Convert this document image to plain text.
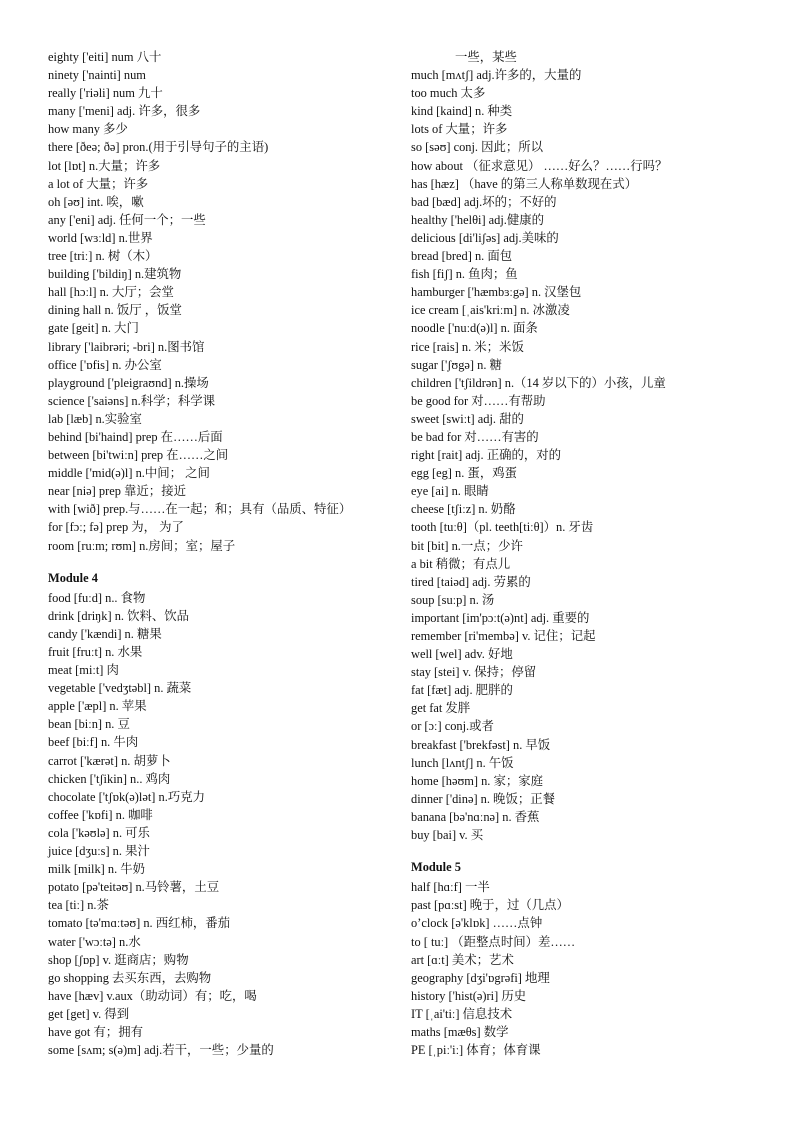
eighty ['eiti] num 八十
ninety ['nainti] num
really ['riəli] num 九十
many ['meni] adj. 许多，很多
how many 多少
there [ðeə; ðə] pron.(用于引导句子的主语)
lot [lɒt] n.大量；许多
a lot of 大量；许多
oh [əʊ] int. 唉，嗽
any ['eni] adj. 任何一个；一些
world [wɜːld] n.世界
tree [triː] n. 树（木）
building ['bildiŋ] n.建筑物
hall [hɔːl] n. 大厅；会堂
dining hall n. 饭厅 ，饭堂
gate [geit] n. 大门
library ['laibrəri; -bri] n.图书馆
office ['ɒfis] n. 办公室
playground ['pleigraʊnd] n.操场
science ['saiəns] n.科学；科学课
lab [læb] n.实验室
behind [bi'haind] prep 在……后面
between [bi'twiːn] prep 在……之间
middle ['mid(ə)l] n.中间； 之间
near [niə] prep 靠近；接近
with [wið] prep.与……在一起；和；具有（品质、特征）
for [fɔː; fə] prep 为， 为了
room [ruːm; rʊm] n.房间；室；屋子
Module 4
food [fuːd] n.. 食物
drink [driŋk] n. 饮料、饮品
candy ['kændi] n. 糖果
fruit [fruːt] n. 水果
meat [miːt] 肉
vegetable ['vedʒtəbl] n. 蔬菜
apple ['æpl] n. 苹果
bean [biːn] n. 豆
beef [biːf] n. 牛肉
carrot ['kærət] n. 胡萝卜
chicken ['tʃikin] n.. 鸡肉
chocolate ['tʃɒk(ə)lət] n.巧克力
coffee ['kɒfi] n. 咖啡
cola ['kəʊlə] n. 可乐
juice [dʒuːs] n. 果汁
milk [milk] n. 牛奶
potato [pə'teitəʊ] n.马铃薯，土豆
tea [tiː] n.茶
tomato [tə'mɑːtəʊ] n. 西红柿，番茄
water ['wɔːtə] n.水
shop [ʃɒp] v. 逛商店；购物
go shopping 去买东西，去购物
have [hæv] v.aux（助动词）有；吃，喝
get [get] v. 得到
have got 有；拥有
some [sʌm; s(ə)m] adj.若干，一些；少量的
一些，某些
much [mʌtʃ] adj.许多的，大量的
too much 太多
kind [kaind] n. 种类
lots of 大量；许多
so [səʊ] conj. 因此；所以
how about （征求意见） ……好么？……行吗？
has [hæz] （have 的第三人称单数现在式）
bad [bæd] adj.坏的；不好的
healthy ['helθi] adj.健康的
delicious [di'liʃəs] adj.美味的
bread [bred] n. 面包
fish [fiʃ] n. 鱼肉；鱼
hamburger ['hæmbɜːgə] n. 汉堡包
ice cream [ˌais'kriːm] n. 冰激凌
noodle ['nuːd(ə)l] n. 面条
rice [rais] n. 米；米饭
sugar ['ʃʊgə] n. 糖
children ['tʃildrən] n.（14 岁以下的）小孩，儿童
be good for 对……有帮助
sweet [swiːt] adj. 甜的
be bad for 对……有害的
right [rait] adj. 正确的，对的
egg [eg] n. 蛋，鸡蛋
eye [ai] n. 眼睛
cheese [tʃiːz] n. 奶酪
tooth [tuːθ]（pl. teeth[tiːθ]）n. 牙齿
bit [bit] n.一点；少许
a bit 稍微；有点儿
tired [taiəd] adj. 劳累的
soup [suːp] n. 汤
important [im'pɔːt(ə)nt] adj. 重要的
remember [ri'membə] v. 记住；记起
well [wel] adv. 好地
stay [stei] v. 保持；停留
fat [fæt] adj. 肥胖的
get fat 发胖
or [ɔː] conj.或者
breakfast ['brekfəst] n. 早饭
lunch [lʌntʃ] n. 午饭
home [həʊm] n. 家；家庭
dinner ['dinə] n. 晚饭；正餐
banana [bə'nɑːnə] n. 香蕉
buy [bai] v. 买
Module 5
half [hɑːf] 一半
past [pɑːst] 晚于，过（几点）
o’clock [ə'klɒk] ……点钟
to [ tuː] （距整点时间）差……
art [ɑːt] 美术；艺术
geography [dʒi'ɒgrəfi] 地理
history ['hist(ə)ri] 历史
IT [ˌai'tiː] 信息技术
maths [mæθs] 数学
PE [ˌpiː'iː] 体育；体育课
